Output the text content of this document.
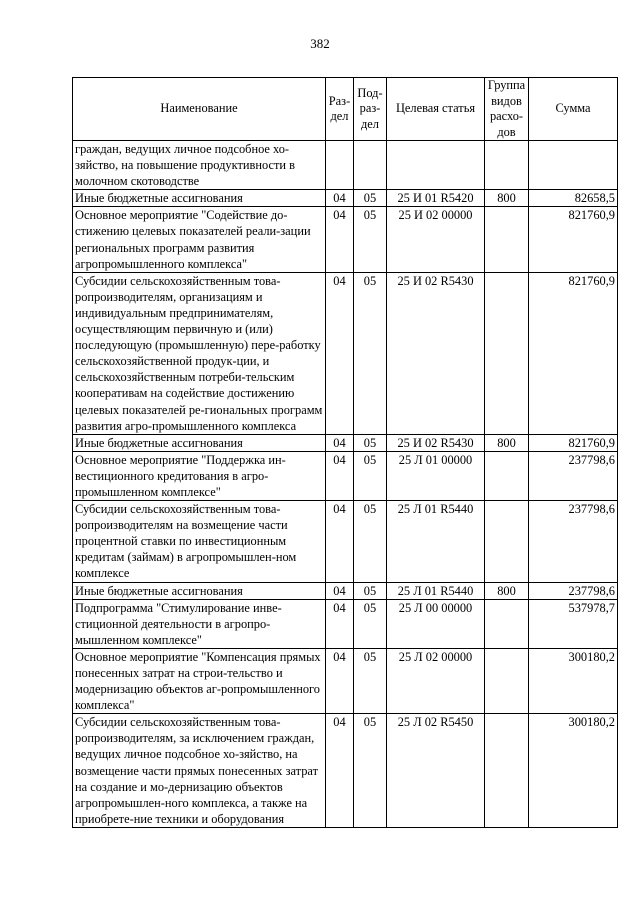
382
Наименование	Раз-дел	Под-раз-дел	Целевая статья	Группа видов расхо-дов	Сумма
граждан, ведущих личное подсобное хо-зяйство, на повышение продуктивности в молочном скотоводстве					
Иные бюджетные ассигнования	04	05	25 И 01 R5420	800	82658,5
Основное мероприятие "Содействие до-стижению целевых показателей реали-зации региональных программ развития агропромышленного комплекса"	04	05	25 И 02 00000		821760,9
Субсидии сельскохозяйственным това-ропроизводителям, организациям и индивидуальным предпринимателям, осуществляющим первичную и (или) последующую (промышленную) пере-работку сельскохозяйственной продук-ции, и сельскохозяйственным потреби-тельским кооперативам на содействие достижению целевых показателей ре-гиональных программ развития агро-промышленного комплекса	04	05	25 И 02 R5430		821760,9
Иные бюджетные ассигнования	04	05	25 И 02 R5430	800	821760,9
Основное мероприятие "Поддержка ин-вестиционного кредитования в агро-промышленном комплексе"	04	05	25 Л 01 00000		237798,6
Субсидии сельскохозяйственным това-ропроизводителям на возмещение части процентной ставки по инвестиционным кредитам (займам) в агропромышлен-ном комплексе	04	05	25 Л 01 R5440		237798,6
Иные бюджетные ассигнования	04	05	25 Л 01 R5440	800	237798,6
Подпрограмма "Стимулирование инве-стиционной деятельности в агропро-мышленном комплексе"	04	05	25 Л 00 00000		537978,7
Основное мероприятие "Компенсация прямых понесенных затрат на строи-тельство и модернизацию объектов аг-ропромышленного комплекса"	04	05	25 Л 02 00000		300180,2
Субсидии сельскохозяйственным това-ропроизводителям, за исключением граждан, ведущих личное подсобное хо-зяйство, на возмещение части прямых понесенных затрат на создание и мо-дернизацию объектов агропромышлен-ного комплекса, а также на приобрете-ние техники и оборудования	04	05	25 Л 02 R5450		300180,2
